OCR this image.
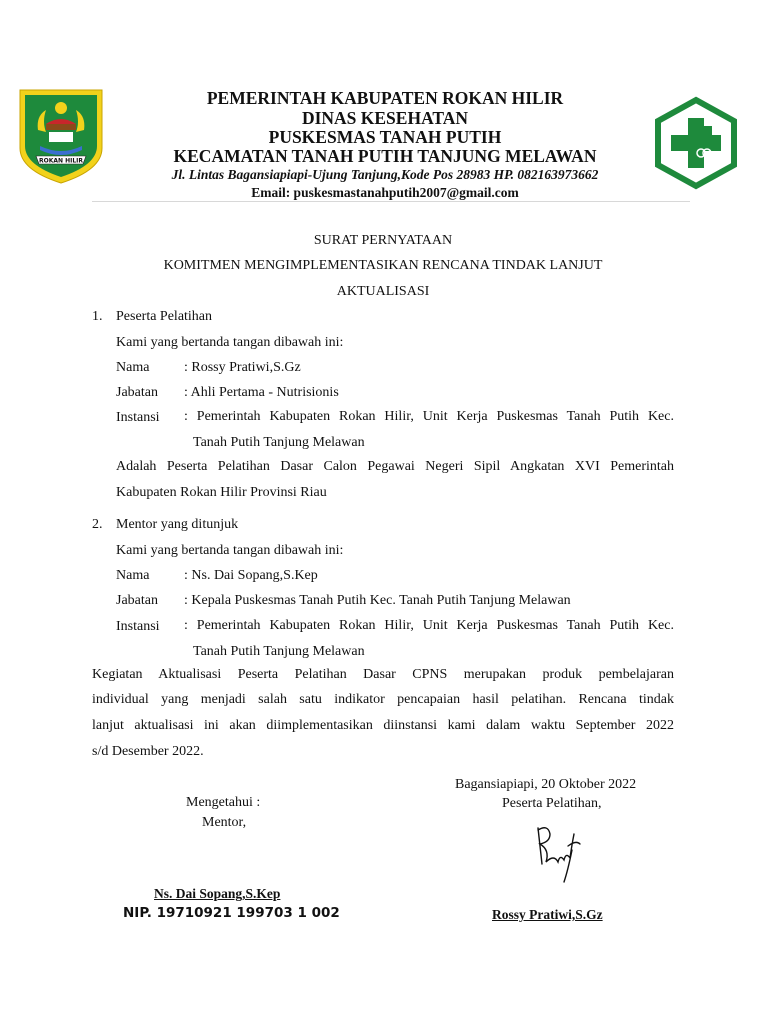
ROKAN HILIR
PEMERINTAH KABUPATEN ROKAN HILIR
DINAS KESEHATAN
PUSKESMAS TANAH PUTIH
KECAMATAN TANAH PUTIH TANJUNG MELAWAN
Jl. Lintas Bagansiapiapi-Ujung Tanjung,Kode Pos 28983 HP. 082163973662
Email: puskesmastanahputih2007@gmail.com
SURAT PERNYATAAN
KOMITMEN MENGIMPLEMENTASIKAN RENCANA TINDAK LANJUT
AKTUALISASI
1. Peserta Pelatihan
Kami yang bertanda tangan dibawah ini:
Nama : Rossy Pratiwi,S.Gz
Jabatan : Ahli Pertama - Nutrisionis
Instansi : Pemerintah Kabupaten Rokan Hilir, Unit Kerja Puskesmas Tanah Putih Kec.
Tanah Putih Tanjung Melawan
Adalah Peserta Pelatihan Dasar Calon Pegawai Negeri Sipil Angkatan XVI Pemerintah
Kabupaten Rokan Hilir Provinsi Riau
2. Mentor yang ditunjuk
Kami yang bertanda tangan dibawah ini:
Nama : Ns. Dai Sopang,S.Kep
Jabatan : Kepala Puskesmas Tanah Putih Kec. Tanah Putih Tanjung Melawan
Instansi : Pemerintah Kabupaten Rokan Hilir, Unit Kerja Puskesmas Tanah Putih Kec.
Tanah Putih Tanjung Melawan
Kegiatan Aktualisasi Peserta Pelatihan Dasar CPNS merupakan produk pembelajaran
individual yang menjadi salah satu indikator pencapaian hasil pelatihan. Rencana tindak
lanjut aktualisasi ini akan diimplementasikan diinstansi kami dalam waktu September 2022
s/d Desember 2022.
Bagansiapiapi, 20 Oktober 2022
Peserta Pelatihan,
Mengetahui :
Mentor,
Ns. Dai Sopang,S.Kep
NIP. 19710921 199703 1 002	Rossy Pratiwi,S.Gz
